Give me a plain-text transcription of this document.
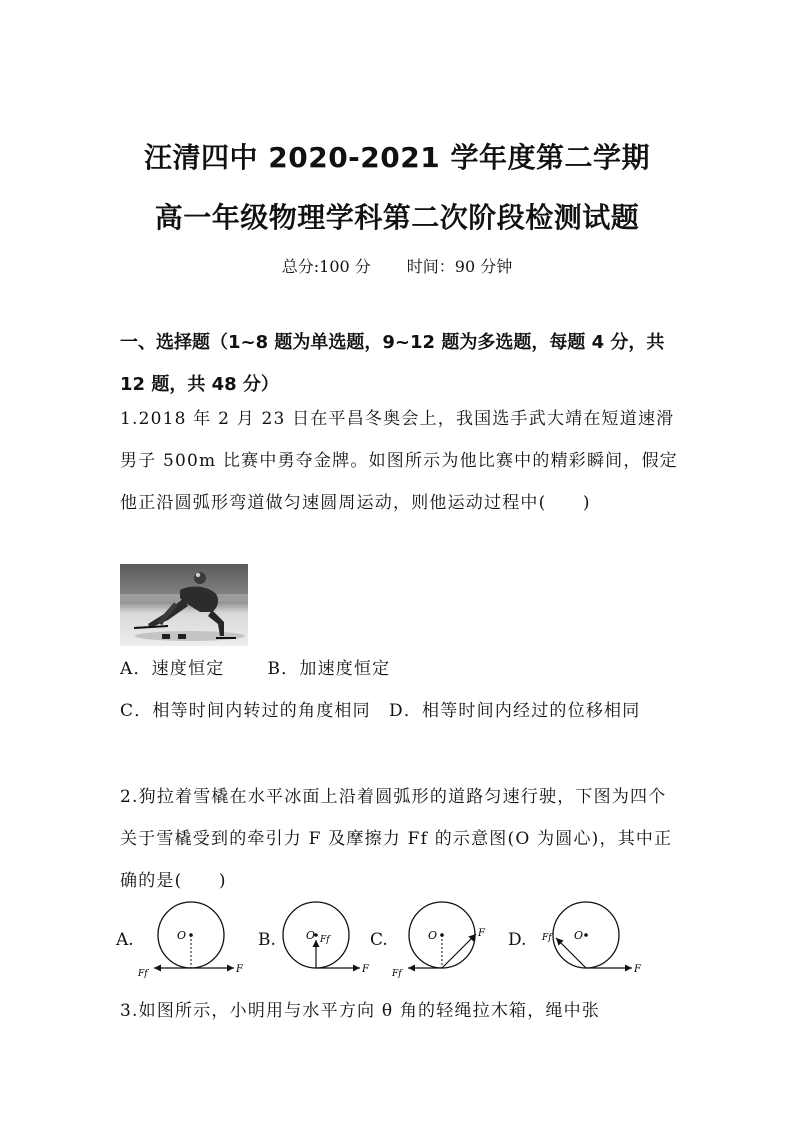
汪清四中 2020-2021 学年度第二学期
高一年级物理学科第二次阶段检测试题
总分:100 分 时间：90 分钟
一、选择题（1~8 题为单选题，9~12 题为多选题，每题 4 分，共 12 题，共 48 分）
1.2018 年 2 月 23 日在平昌冬奥会上，我国选手武大靖在短道速滑男子 500m 比赛中勇夺金牌。如图所示为他比赛中的精彩瞬间，假定他正沿圆弧形弯道做匀速圆周运动，则他运动过程中(　　)
A．速度恒定　　 B．加速度恒定
C．相等时间内转过的角度相同　D．相等时间内经过的位移相同
2.狗拉着雪橇在水平冰面上沿着圆弧形的道路匀速行驶，下图为四个关于雪橇受到的牵引力 F 及摩擦力 Ff 的示意图(O 为圆心)，其中正确的是(　　)
A.	O
F
Ff
B.	O Ff
F
C.	O	F
Ff
D.	O
Ff
F
3.如图所示，小明用与水平方向 θ 角的轻绳拉木箱，绳中张
